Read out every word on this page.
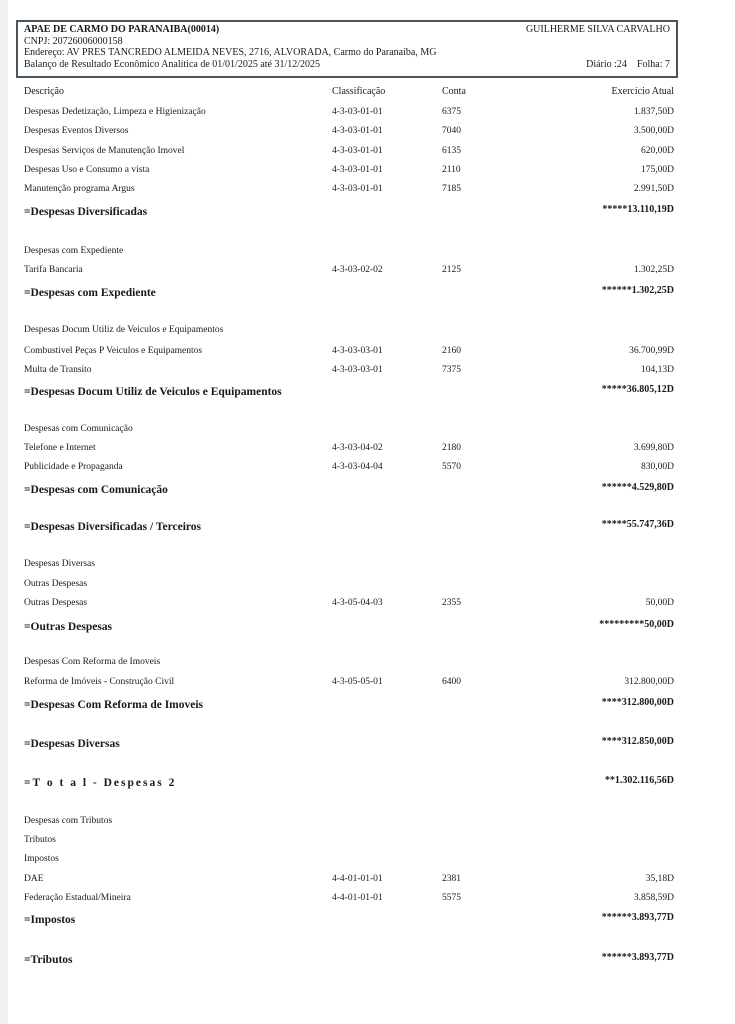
APAE DE CARMO DO PARANAIBA(00014)	GUILHERME SILVA CARVALHO
CNPJ: 20726006000158
Endereço: AV PRES TANCREDO ALMEIDA NEVES, 2716, ALVORADA, Carmo do Paranaíba, MG
Balanço de Resultado Econômico Analítica de 01/01/2025 até 31/12/2025	Diário :24 Folha: 7
Descrição	Classificação	Conta	Exercício Atual
Despesas Dedetização, Limpeza e Higienização	4-3-03-01-01	6375	1.837,50D
Despesas Eventos Diversos	4-3-03-01-01	7040	3.500,00D
Despesas Serviços de Manutenção Imovel	4-3-03-01-01	6135	620,00D
Despesas Uso e Consumo a vista	4-3-03-01-01	2110	175,00D
Manutenção programa Argus	4-3-03-01-01	7185	2.991,50D
=Despesas Diversificadas	*****13.110,19D
Despesas com Expediente
Tarifa Bancaria	4-3-03-02-02	2125	1.302,25D
=Despesas com Expediente	******1.302,25D
Despesas Docum Utiliz de Veiculos e Equipamentos
Combustivel Peças P Veiculos e Equipamentos	4-3-03-03-01	2160	36.700,99D
Multa de Transito	4-3-03-03-01	7375	104,13D
=Despesas Docum Utiliz de Veiculos e Equipamentos	*****36.805,12D
Despesas com Comunicação
Telefone e Internet	4-3-03-04-02	2180	3.699,80D
Publicidade e Propaganda	4-3-03-04-04	5570	830,00D
=Despesas com Comunicação	******4.529,80D
=Despesas Diversificadas / Terceiros	*****55.747,36D
Despesas Diversas
Outras Despesas
Outras Despesas	4-3-05-04-03	2355	50,00D
=Outras Despesas	*********50,00D
Despesas Com Reforma de Imoveis
Reforma de Imóveis - Construção Civil	4-3-05-05-01	6400	312.800,00D
=Despesas Com Reforma de Imoveis	****312.800,00D
=Despesas Diversas	****312.850,00D
=T o t a l - Despesas 2	**1.302.116,56D
Despesas com Tributos
Tributos
Impostos
DAE	4-4-01-01-01	2381	35,18D
Federação Estadual/Mineira	4-4-01-01-01	5575	3.858,59D
=Impostos	******3.893,77D
=Tributos	******3.893,77D
